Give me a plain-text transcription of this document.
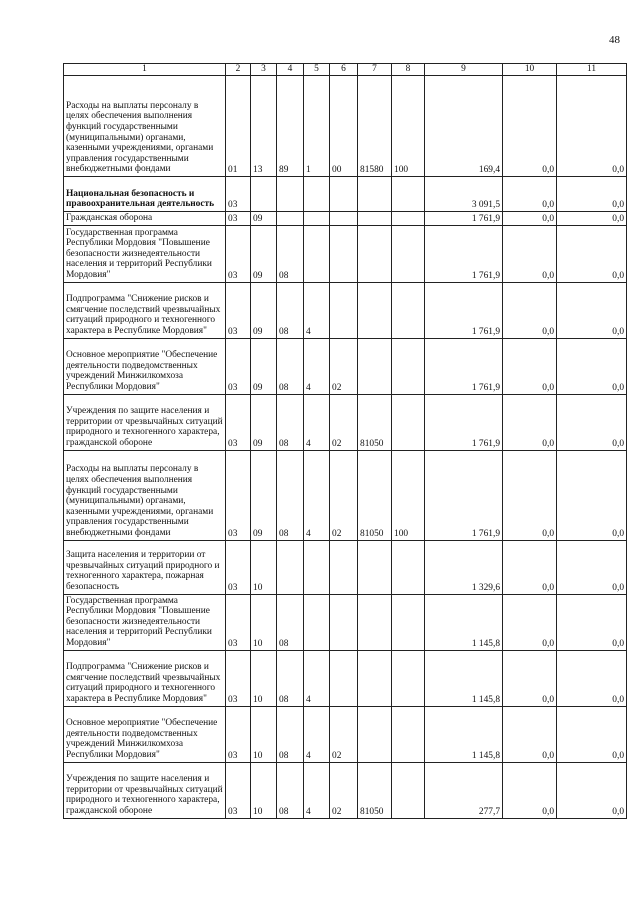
48
1	2	3	4	5	6	7	8	9	10	11
Расходы на выплаты персоналу в целях обеспечения выполнения функций государственными (муниципальными) органами, казенными учреждениями, органами управления государственными внебюджетными фондами	01	13	89	1	00	81580	100	169,4	0,0	0,0
Национальная безопасность и правоохранительная деятельность	03							3 091,5	0,0	0,0
Гражданская оборона	03	09						1 761,9	0,0	0,0
Государственная программа Республики Мордовия "Повышение безопасности жизнедеятельности населения и территорий Республики Мордовия"	03	09	08					1 761,9	0,0	0,0
Подпрограмма "Снижение рисков и смягчение последствий чрезвычайных ситуаций природного и техногенного характера в Республике Мордовия"	03	09	08	4				1 761,9	0,0	0,0
Основное мероприятие "Обеспечение деятельности подведомственных учреждений Минжилкомхоза Республики Мордовия"	03	09	08	4	02			1 761,9	0,0	0,0
Учреждения по защите населения и территории от чрезвычайных ситуаций природного и техногенного характера, гражданской обороне	03	09	08	4	02	81050		1 761,9	0,0	0,0
Расходы на выплаты персоналу в целях обеспечения выполнения функций государственными (муниципальными) органами, казенными учреждениями, органами управления государственными внебюджетными фондами	03	09	08	4	02	81050	100	1 761,9	0,0	0,0
Защита населения и территории от чрезвычайных ситуаций природного и техногенного характера, пожарная безопасность	03	10						1 329,6	0,0	0,0
Государственная программа Республики Мордовия "Повышение безопасности жизнедеятельности населения и территорий Республики Мордовия"	03	10	08					1 145,8	0,0	0,0
Подпрограмма "Снижение рисков и смягчение последствий чрезвычайных ситуаций природного и техногенного характера в Республике Мордовия"	03	10	08	4				1 145,8	0,0	0,0
Основное мероприятие "Обеспечение деятельности подведомственных учреждений Минжилкомхоза Республики Мордовия"	03	10	08	4	02			1 145,8	0,0	0,0
Учреждения по защите населения и территории от чрезвычайных ситуаций природного и техногенного характера, гражданской обороне	03	10	08	4	02	81050		277,7	0,0	0,0
